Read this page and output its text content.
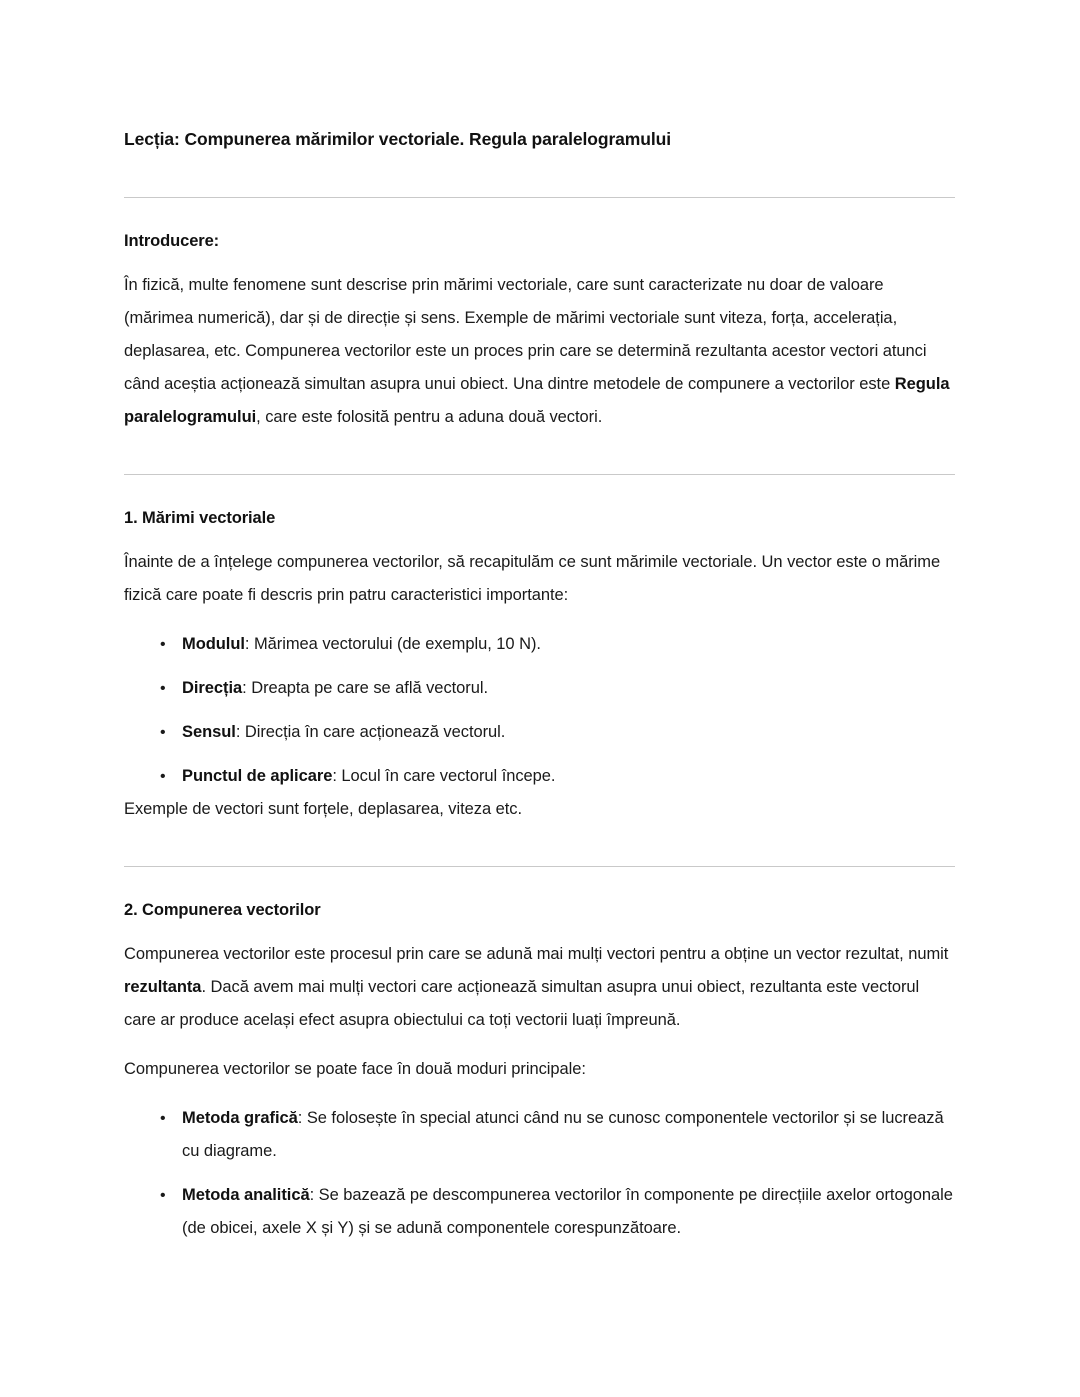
Lecția: Compunerea mărimilor vectoriale. Regula paralelogramului
Introducere:

În fizică, multe fenomene sunt descrise prin mărimi vectoriale, care sunt caracterizate nu doar de valoare (mărimea numerică), dar și de direcție și sens. Exemple de mărimi vectoriale sunt viteza, forța, accelerația, deplasarea, etc. Compunerea vectorilor este un proces prin care se determină rezultanta acestor vectori atunci când aceștia acționează simultan asupra unui obiect. Una dintre metodele de compunere a vectorilor este Regula paralelogramului, care este folosită pentru a aduna două vectori.

1. Mărimi vectoriale

Înainte de a înțelege compunerea vectorilor, să recapitulăm ce sunt mărimile vectoriale. Un vector este o mărime fizică care poate fi descris prin patru caracteristici importante:

• Modulul: Mărimea vectorului (de exemplu, 10 N).
• Direcția: Dreapta pe care se află vectorul.
• Sensul: Direcția în care acționează vectorul.
• Punctul de aplicare: Locul în care vectorul începe.

Exemple de vectori sunt forțele, deplasarea, viteza etc.

2. Compunerea vectorilor

Compunerea vectorilor este procesul prin care se adună mai mulți vectori pentru a obține un vector rezultat, numit rezultanta. Dacă avem mai mulți vectori care acționează simultan asupra unui obiect, rezultanta este vectorul care ar produce același efect asupra obiectului ca toți vectorii luați împreună.

Compunerea vectorilor se poate face în două moduri principale:

• Metoda grafică: Se folosește în special atunci când nu se cunosc componentele vectorilor și se lucrează cu diagrame.
• Metoda analitică: Se bazează pe descompunerea vectorilor în componente pe direcțiile axelor ortogonale (de obicei, axele X și Y) și se adună componentele corespunzătoare.
